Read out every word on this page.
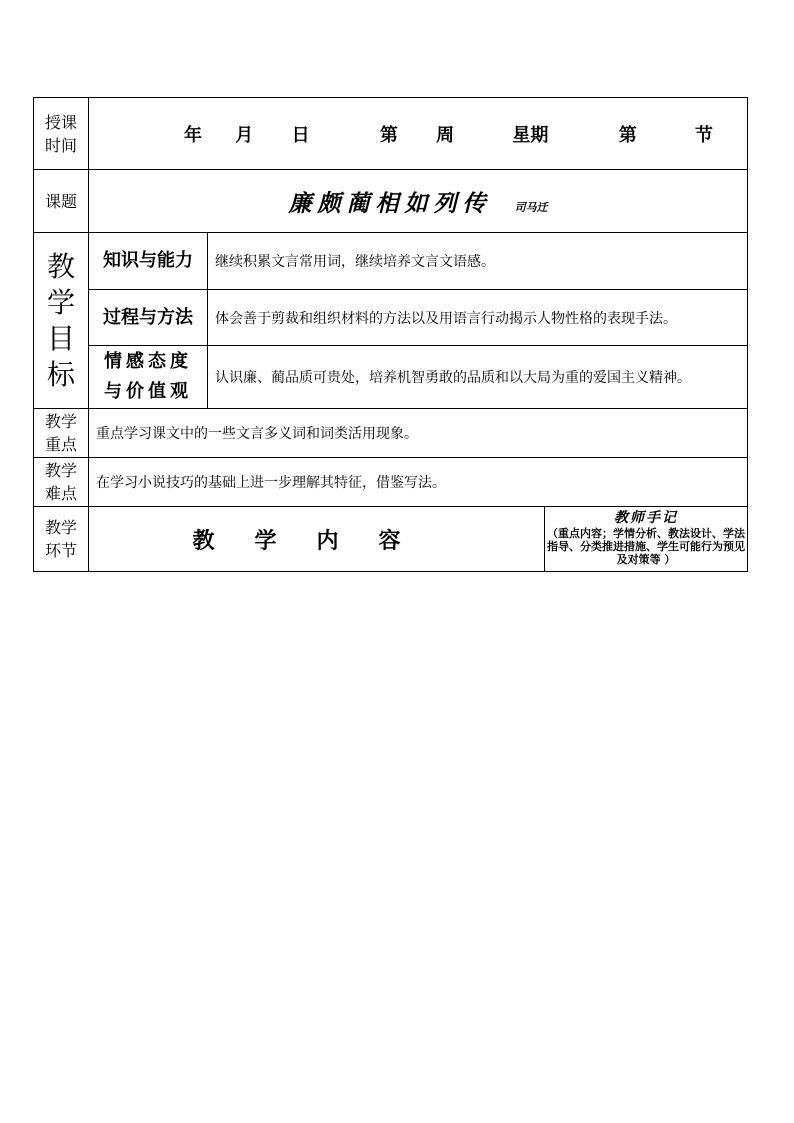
授课
时间	年 月 日 第 周 星期 第 节		
课题	廉颇蔺相如列传 司马迁		

教
学
目
标	知识与能力	继续积累文言常用词，继续培养文言文语感。	
	过程与方法	体会善于剪裁和组织材料的方法以及用语言行动揭示人物性格的表现手法。	

	情感态度
与价值观	认识廉、蔺品质可贵处，培养机智勇敢的品质和以大局为重的爱国主义精神。	
教学
重点	重点学习课文中的一些文言多义词和词类活用现象。		
教学
难点	在学习小说技巧的基础上进一步理解其特征，借鉴写法。		
教学
环节	教学内容		教师手记
（重点内容；学情分析、教法设计、学法指导、分类推进措施、学生可能行为预见及对策等 ）
